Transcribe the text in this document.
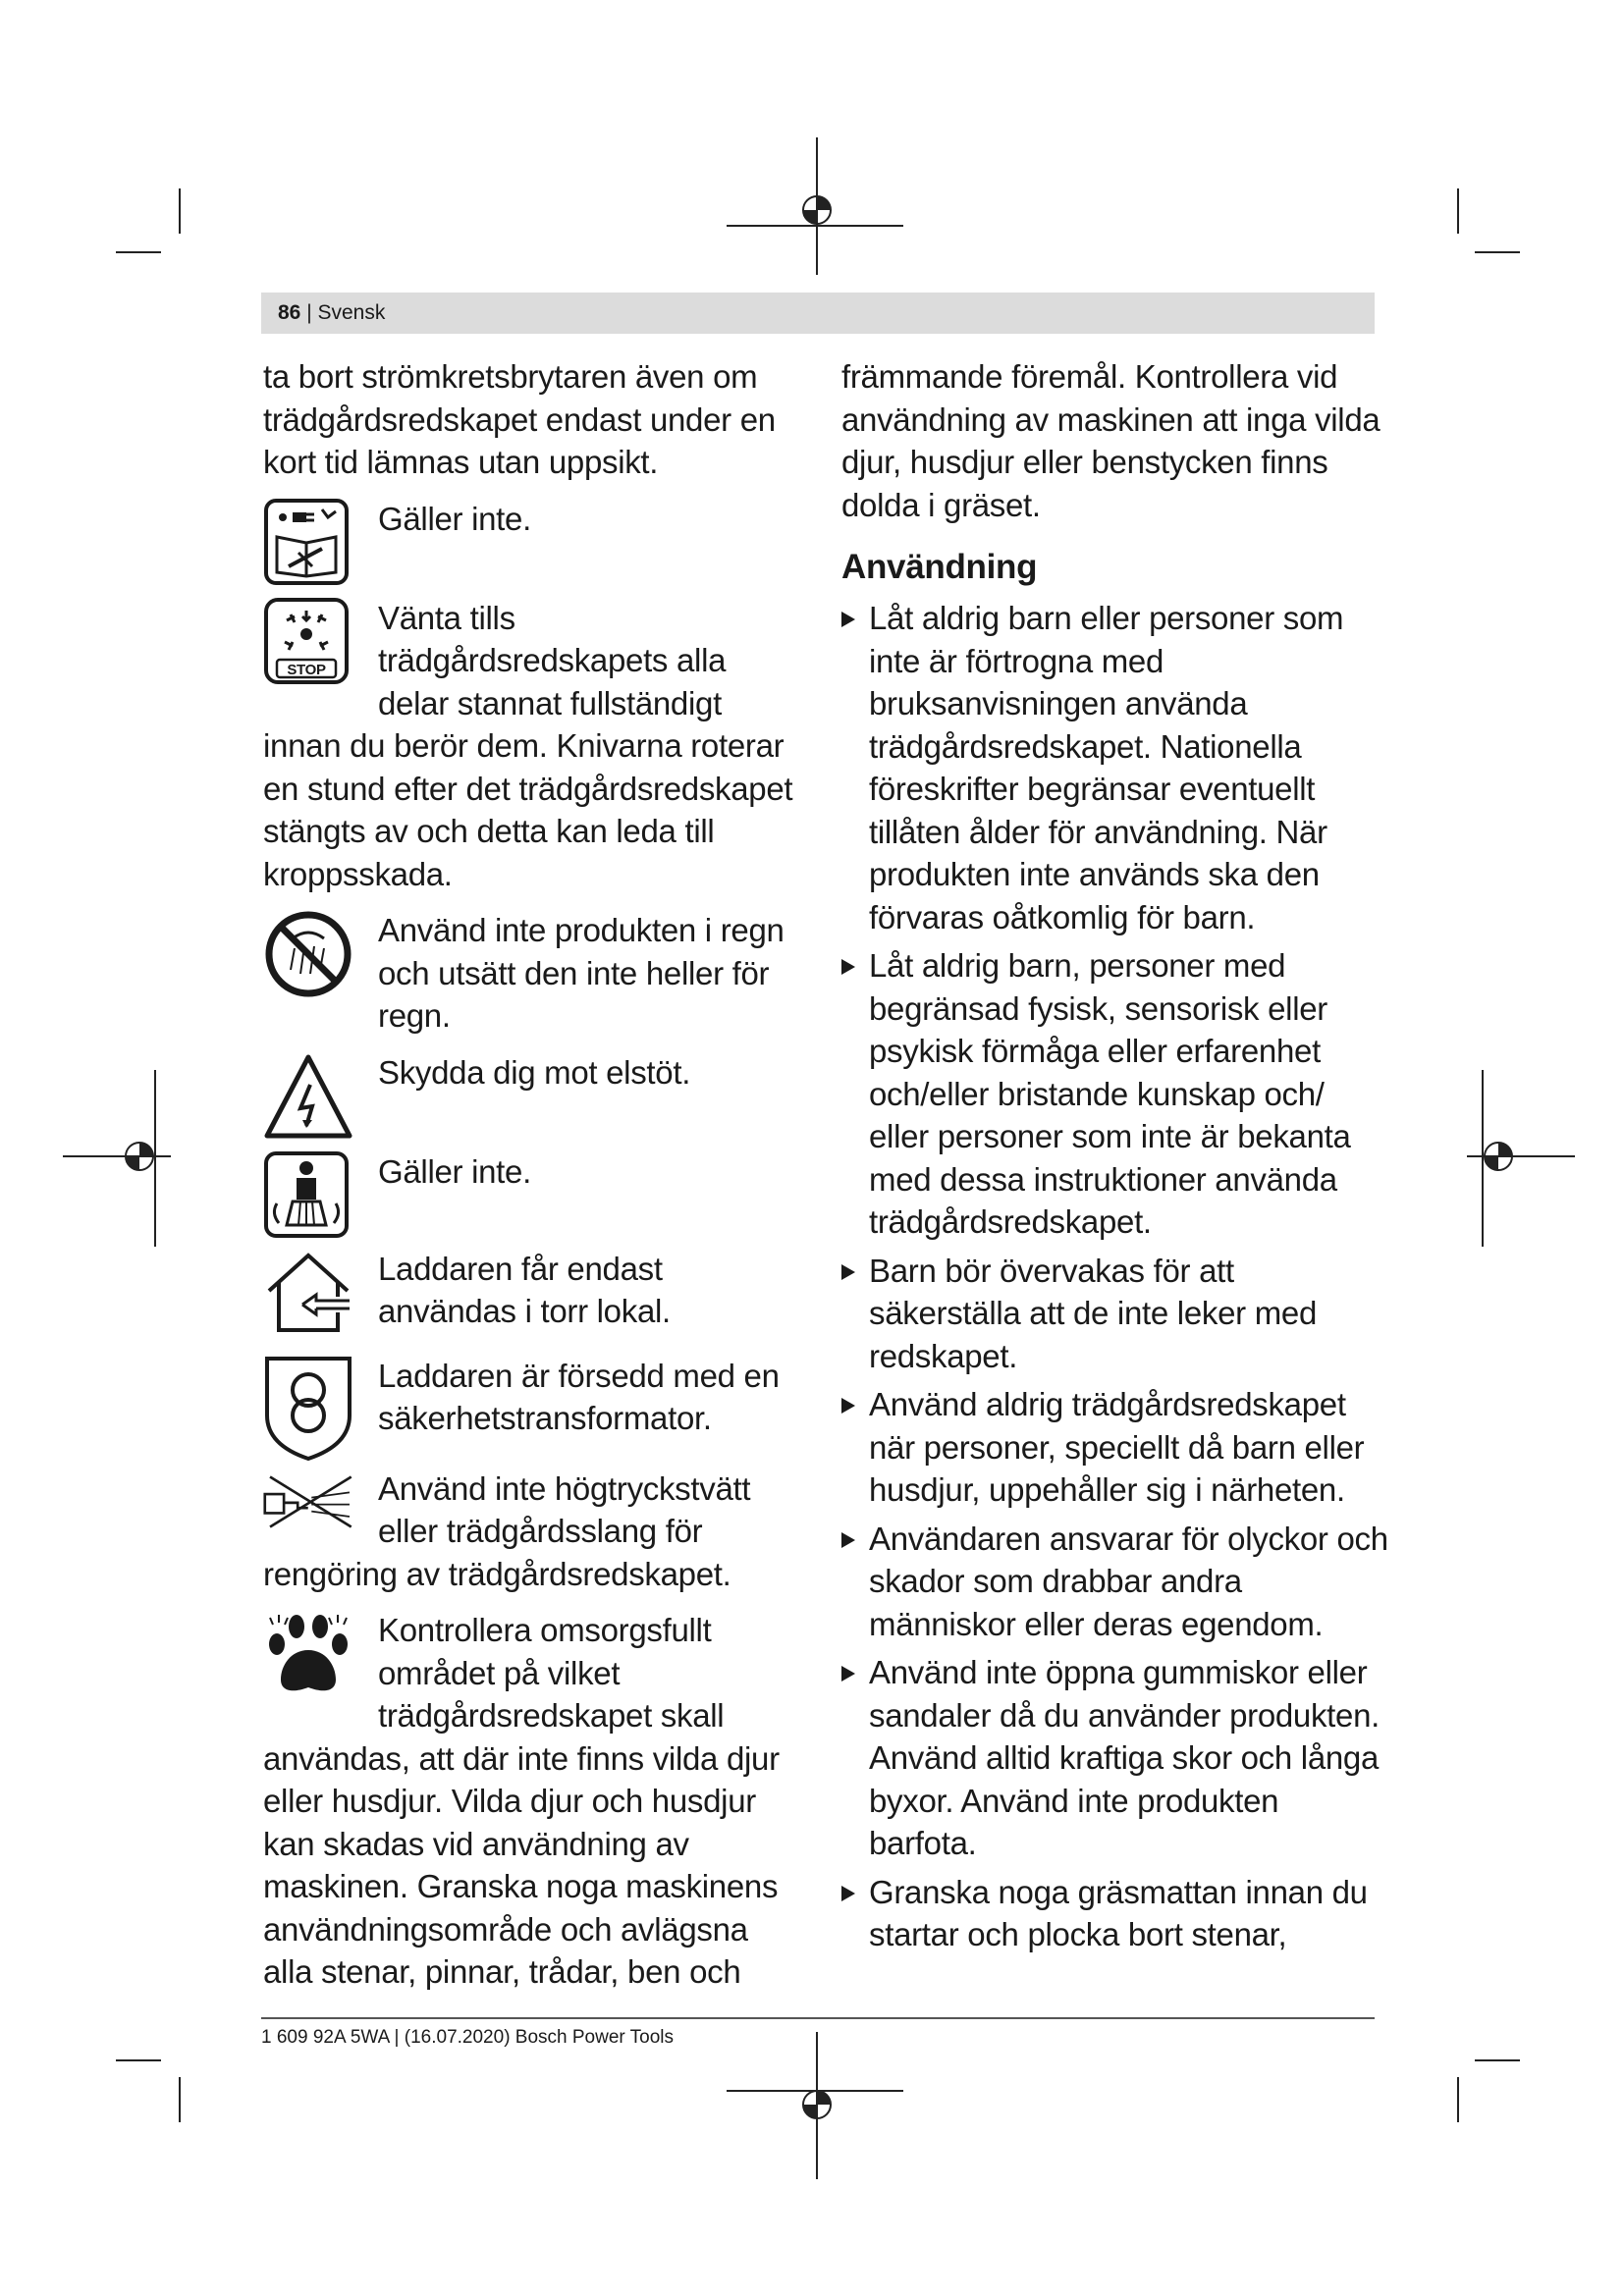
86 | Svensk

ta bort strömkretsbrytaren även om trädgårdsredskapet endast under en kort tid lämnas utan uppsikt.

Gäller inte.
STOP
Vänta tills trädgårdsredskapets alla delar stannat fullständigt

innan du berör dem. Knivarna roterar en stund efter det trädgårdsredskapet stängts av och detta kan leda till kroppsskada.

Använd inte produkten i regn och utsätt den inte heller för regn.
Skydda dig mot elstöt.
Gäller inte.
Laddaren får endast användas i torr lokal.
Laddaren är försedd med en säkerhetstransformator.
Använd inte högtryckstvätt eller trädgårdsslang för

rengöring av trädgårdsredskapet.

Kontrollera omsorgsfullt området på vilket trädgårdsredskapet skall

användas, att där inte finns vilda djur eller husdjur. Vilda djur och husdjur kan skadas vid användning av maskinen. Granska noga maskinens användningsområde och avlägsna alla stenar, pinnar, trådar, ben och

främmande föremål. Kontrollera vid användning av maskinen att inga vilda djur, husdjur eller benstycken finns dolda i gräset.

Användning
Låt aldrig barn eller personer som inte är förtrogna med bruksanvisningen använda trädgårdsredskapet. Nationella föreskrifter begränsar eventuellt tillåten ålder för användning. När produkten inte används ska den förvaras oåtkomlig för barn.
Låt aldrig barn, personer med begränsad fysisk, sensorisk eller psykisk förmåga eller erfarenhet och/eller bristande kunskap och/ eller personer som inte är bekanta med dessa instruktioner använda trädgårdsredskapet.
Barn bör övervakas för att säkerställa att de inte leker med redskapet.
Använd aldrig trädgårdsredskapet när personer, speciellt då barn eller husdjur, uppehåller sig i närheten.
Användaren ansvarar för olyckor och skador som drabbar andra människor eller deras egendom.
Använd inte öppna gummiskor eller sandaler då du använder produkten. Använd alltid kraftiga skor och långa byxor. Använd inte produkten barfota.
Granska noga gräsmattan innan du startar och plocka bort stenar,
1 609 92A 5WA | (16.07.2020) Bosch Power Tools
